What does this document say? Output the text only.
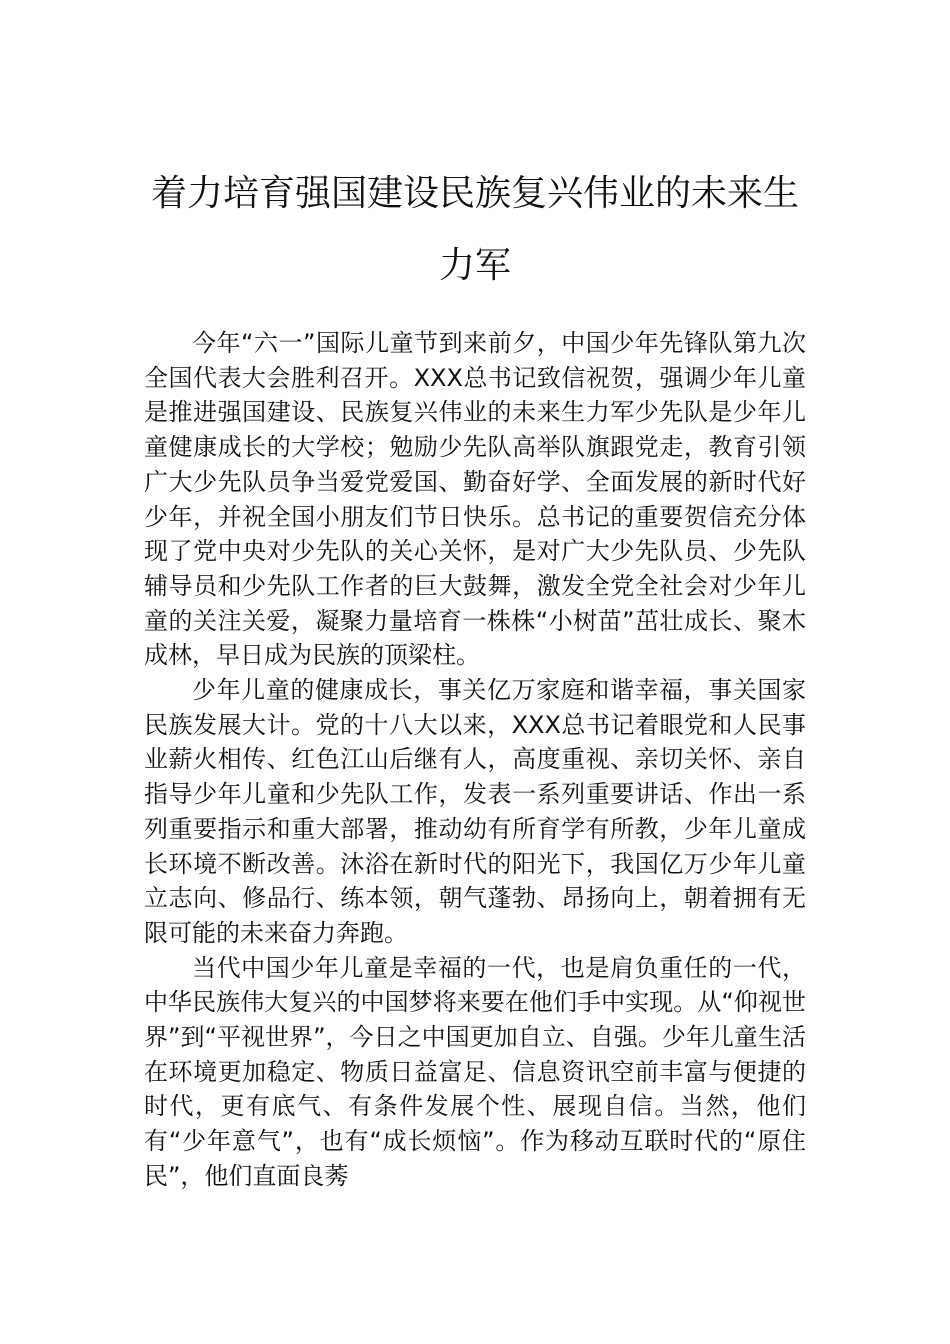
着力培育强国建设民族复兴伟业的未来生
力军

今年“六一”国际儿童节到来前夕，中国少年先锋队第九次全国代表大会胜利召开。XXX总书记致信祝贺，强调少年儿童是推进强国建设、民族复兴伟业的未来生力军少先队是少年儿童健康成长的大学校；勉励少先队高举队旗跟党走，教育引领广大少先队员争当爱党爱国、勤奋好学、全面发展的新时代好少年，并祝全国小朋友们节日快乐。总书记的重要贺信充分体现了党中央对少先队的关心关怀，是对广大少先队员、少先队辅导员和少先队工作者的巨大鼓舞，激发全党全社会对少年儿童的关注关爱，凝聚力量培育一株株“小树苗”茁壮成长、聚木成林，早日成为民族的顶梁柱。

少年儿童的健康成长，事关亿万家庭和谐幸福，事关国家民族发展大计。党的十八大以来，XXX总书记着眼党和人民事业薪火相传、红色江山后继有人，高度重视、亲切关怀、亲自指导少年儿童和少先队工作，发表一系列重要讲话、作出一系列重要指示和重大部署，推动幼有所育学有所教，少年儿童成长环境不断改善。沐浴在新时代的阳光下，我国亿万少年儿童立志向、修品行、练本领，朝气蓬勃、昂扬向上，朝着拥有无限可能的未来奋力奔跑。

当代中国少年儿童是幸福的一代，也是肩负重任的一代，中华民族伟大复兴的中国梦将来要在他们手中实现。从“仰视世界”到“平视世界”，今日之中国更加自立、自强。少年儿童生活在环境更加稳定、物质日益富足、信息资讯空前丰富与便捷的时代，更有底气、有条件发展个性、展现自信。当然，他们有“少年意气”，也有“成长烦恼”。作为移动互联时代的“原住民”，他们直面良莠
